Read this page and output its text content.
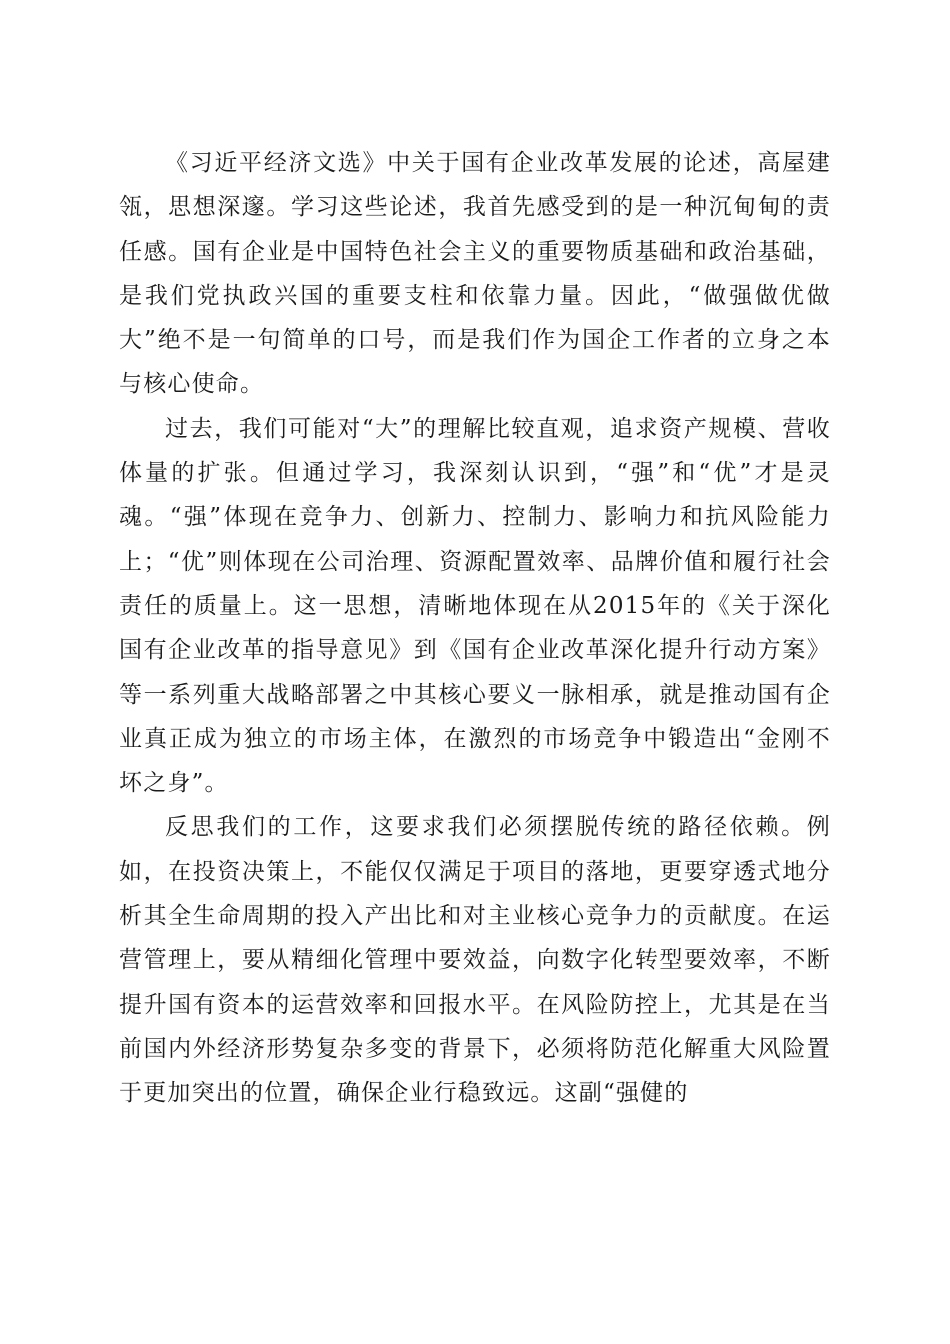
《习近平经济文选》中关于国有企业改革发展的论述，高屋建瓴，思想深邃。学习这些论述，我首先感受到的是一种沉甸甸的责任感。国有企业是中国特色社会主义的重要物质基础和政治基础，是我们党执政兴国的重要支柱和依靠力量。因此，“做强做优做大”绝不是一句简单的口号，而是我们作为国企工作者的立身之本与核心使命。

过去，我们可能对“大”的理解比较直观，追求资产规模、营收体量的扩张。但通过学习，我深刻认识到，“强”和“优”才是灵魂。“强”体现在竞争力、创新力、控制力、影响力和抗风险能力上；“优”则体现在公司治理、资源配置效率、品牌价值和履行社会责任的质量上。这一思想，清晰地体现在从2015年的《关于深化国有企业改革的指导意见》到《国有企业改革深化提升行动方案》等一系列重大战略部署之中其核心要义一脉相承，就是推动国有企业真正成为独立的市场主体，在激烈的市场竞争中锻造出“金刚不坏之身”。

反思我们的工作，这要求我们必须摆脱传统的路径依赖。例如，在投资决策上，不能仅仅满足于项目的落地，更要穿透式地分析其全生命周期的投入产出比和对主业核心竞争力的贡献度。在运营管理上，要从精细化管理中要效益，向数字化转型要效率，不断提升国有资本的运营效率和回报水平。在风险防控上，尤其是在当前国内外经济形势复杂多变的背景下，必须将防范化解重大风险置于更加突出的位置，确保企业行稳致远。这副“强健的
